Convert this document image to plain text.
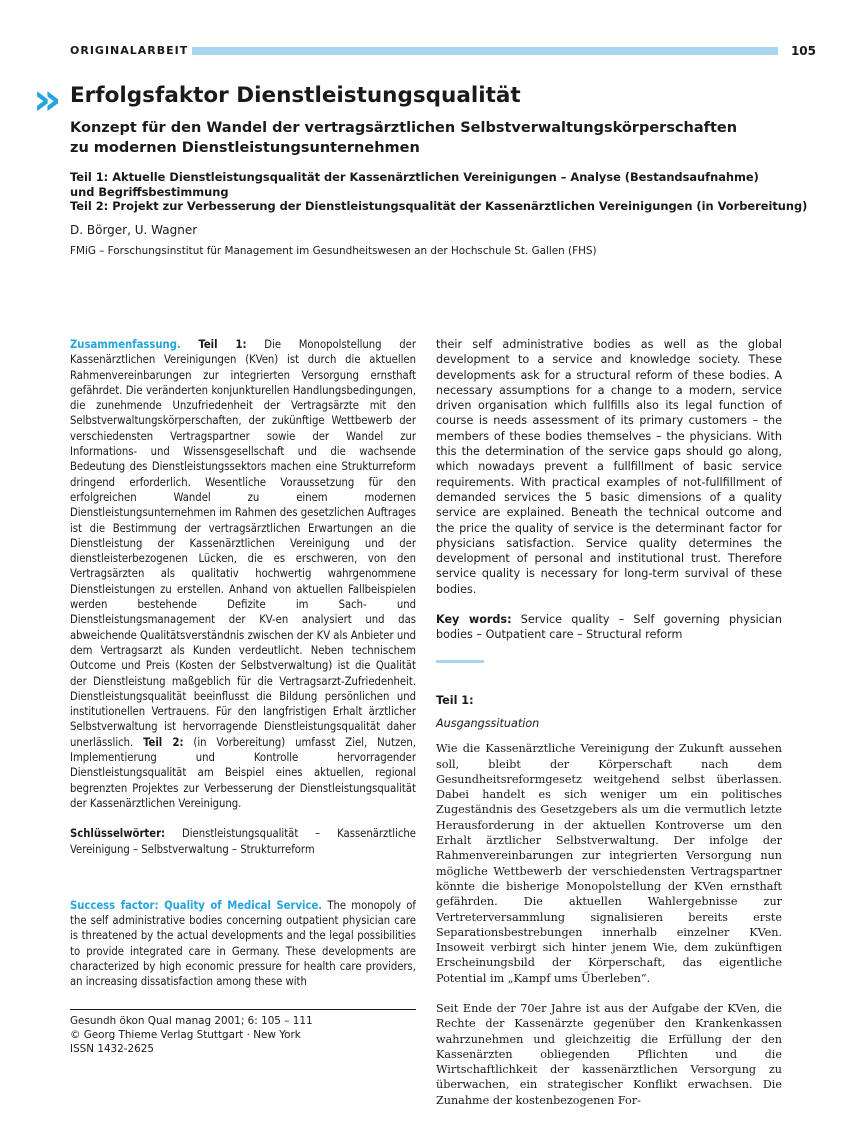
ORIGINALARBEIT	105
» Erfolgsfaktor Dienstleistungsqualität
Konzept für den Wandel der vertragsärztlichen Selbstverwaltungskörperschaften
zu modernen Dienstleistungsunternehmen
Teil 1: Aktuelle Dienstleistungsqualität der Kassenärztlichen Vereinigungen – Analyse (Bestandsaufnahme)
und Begriffsbestimmung
Teil 2: Projekt zur Verbesserung der Dienstleistungsqualität der Kassenärztlichen Vereinigungen (in Vorbereitung)
D. Börger, U. Wagner
FMiG – Forschungsinstitut für Management im Gesundheitswesen an der Hochschule St. Gallen (FHS)

Zusammenfassung. Teil 1: Die Monopolstellung der Kassenärztlichen Vereinigungen (KVen) ist durch die aktuellen Rahmenvereinbarungen zur integrierten Versorgung ernsthaft gefährdet. Die veränderten konjunkturellen Handlungsbedingungen, die zunehmende Unzufriedenheit der Vertragsärzte mit den Selbstverwaltungskörperschaften, der zukünftige Wettbewerb der verschiedensten Vertragspartner sowie der Wandel zur Informations- und Wissensgesellschaft und die wachsende Bedeutung des Dienstleistungssektors machen eine Strukturreform dringend erforderlich. Wesentliche Voraussetzung für den erfolgreichen Wandel zu einem modernen Dienstleistungsunternehmen im Rahmen des gesetzlichen Auftrages ist die Bestimmung der vertragsärztlichen Erwartungen an die Dienstleistung der Kassenärztlichen Vereinigung und der dienstleisterbezogenen Lücken, die es erschweren, von den Vertragsärzten als qualitativ hochwertig wahrgenommene Dienstleistungen zu erstellen. Anhand von aktuellen Fallbeispielen werden bestehende Defizite im Sach- und Dienstleistungsmanagement der KV-en analysiert und das abweichende Qualitätsverständnis zwischen der KV als Anbieter und dem Vertragsarzt als Kunden verdeutlicht. Neben technischem Outcome und Preis (Kosten der Selbstverwaltung) ist die Qualität der Dienstleistung maßgeblich für die Vertragsarzt-Zufriedenheit. Dienstleistungsqualität beeinflusst die Bildung persönlichen und institutionellen Vertrauens. Für den langfristigen Erhalt ärztlicher Selbstverwaltung ist hervorragende Dienstleistungsqualität daher unerlässlich. Teil 2: (in Vorbereitung) umfasst Ziel, Nutzen, Implementierung und Kontrolle hervorragender Dienstleistungsqualität am Beispiel eines aktuellen, regional begrenzten Projektes zur Verbesserung der Dienstleistungsqualität der Kassenärztlichen Vereinigung.

Schlüsselwörter: Dienstleistungsqualität – Kassenärztliche Vereinigung – Selbstverwaltung – Strukturreform

Success factor: Quality of Medical Service. The monopoly of the self administrative bodies concerning outpatient physician care is threatened by the actual developments and the legal possibilities to provide integrated care in Germany. These developments are characterized by high economic pressure for health care providers, an increasing dissatisfaction among these with

their self administrative bodies as well as the global development to a service and knowledge society. These developments ask for a structural reform of these bodies. A necessary assumptions for a change to a modern, service driven organisation which fullfills also its legal function of course is needs assessment of its primary customers – the members of these bodies themselves – the physicians. With this the determination of the service gaps should go along, which nowadays prevent a fullfillment of basic service requirements. With practical examples of not-fullfillment of demanded services the 5 basic dimensions of a quality service are explained. Beneath the technical outcome and the price the quality of service is the determinant factor for physicians satisfaction. Service quality determines the development of personal and institutional trust. Therefore service quality is necessary for long-term survival of these bodies.

Key words: Service quality – Self governing physician bodies – Outpatient care – Structural reform

Teil 1:

Ausgangssituation

Wie die Kassenärztliche Vereinigung der Zukunft aussehen soll, bleibt der Körperschaft nach dem Gesundheitsreformgesetz weitgehend selbst überlassen. Dabei handelt es sich weniger um ein politisches Zugeständnis des Gesetzgebers als um die vermutlich letzte Herausforderung in der aktuellen Kontroverse um den Erhalt ärztlicher Selbstverwaltung. Der infolge der Rahmenvereinbarungen zur integrierten Versorgung nun mögliche Wettbewerb der verschiedensten Vertragspartner könnte die bisherige Monopolstellung der KVen ernsthaft gefährden. Die aktuellen Wahlergebnisse zur Vertreterversammlung signalisieren bereits erste Separationsbestrebungen innerhalb einzelner KVen. Insoweit verbirgt sich hinter jenem Wie, dem zukünftigen Erscheinungsbild der Körperschaft, das eigentliche Potential im „Kampf ums Überleben“.

Seit Ende der 70er Jahre ist aus der Aufgabe der KVen, die Rechte der Kassenärzte gegenüber den Krankenkassen wahrzunehmen und gleichzeitig die Erfüllung der den Kassenärzten obliegenden Pflichten und die Wirtschaftlichkeit der kassenärztlichen Versorgung zu überwachen, ein strategischer Konflikt erwachsen. Die Zunahme der kostenbezogenen For-

Gesundh ökon Qual manag 2001; 6: 105 – 111
© Georg Thieme Verlag Stuttgart · New York
ISSN 1432-2625
